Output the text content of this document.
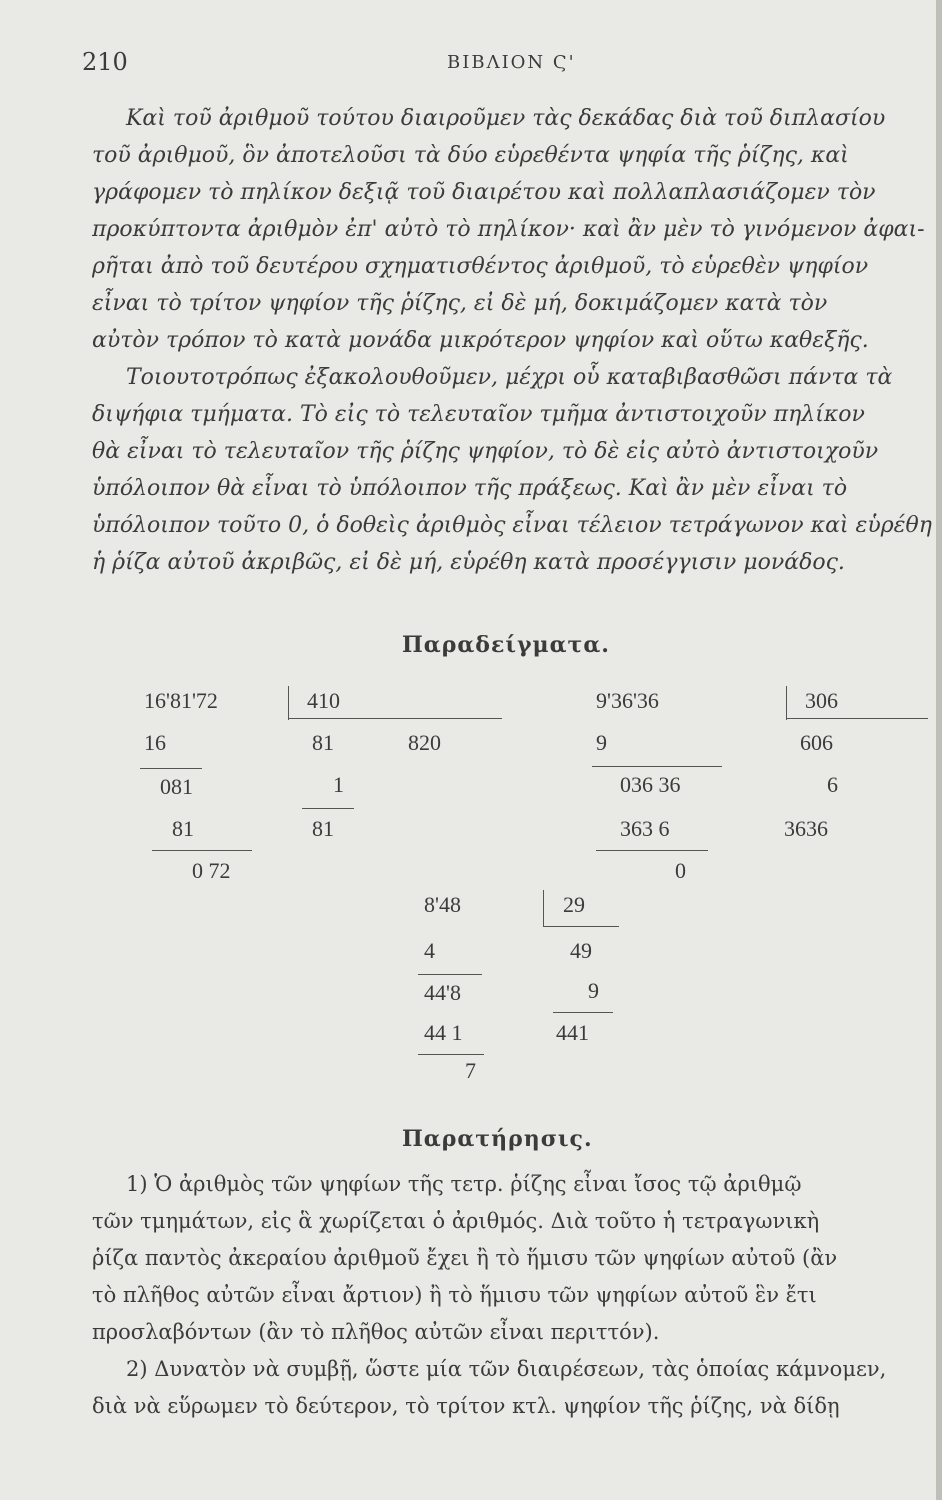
210	ΒΙΒΛΙΟΝ Ϛ'
Καὶ τοῦ ἀριθμοῦ τούτου διαιροῦμεν τὰς δεκάδας διὰ τοῦ διπλασίου
τοῦ ἀριθμοῦ, ὃν ἀποτελοῦσι τὰ δύο εὑρεθέντα ψηφία τῆς ῥίζης, καὶ
γράφομεν τὸ πηλίκον δεξιᾷ τοῦ διαιρέτου καὶ πολλαπλασιάζομεν τὸν
προκύπτοντα ἀριθμὸν ἐπ' αὐτὸ τὸ πηλίκον· καὶ ἂν μὲν τὸ γινόμενον ἀφαι-
ρῆται ἀπὸ τοῦ δευτέρου σχηματισθέντος ἀριθμοῦ, τὸ εὑρεθὲν ψηφίον
εἶναι τὸ τρίτον ψηφίον τῆς ῥίζης, εἰ δὲ μή, δοκιμάζομεν κατὰ τὸν
αὐτὸν τρόπον τὸ κατὰ μονάδα μικρότερον ψηφίον καὶ οὕτω καθεξῆς.
Τοιουτοτρόπως ἐξακολουθοῦμεν, μέχρι οὗ καταβιβασθῶσι πάντα τὰ
διψήφια τμήματα. Τὸ εἰς τὸ τελευταῖον τμῆμα ἀντιστοιχοῦν πηλίκον
θὰ εἶναι τὸ τελευταῖον τῆς ῥίζης ψηφίον, τὸ δὲ εἰς αὐτὸ ἀντιστοιχοῦν
ὑπόλοιπον θὰ εἶναι τὸ ὑπόλοιπον τῆς πράξεως. Καὶ ἂν μὲν εἶναι τὸ
ὑπόλοιπον τοῦτο 0, ὁ δοθεὶς ἀριθμὸς εἶναι τέλειον τετράγωνον καὶ εὑρέθη
ἡ ῥίζα αὐτοῦ ἀκριβῶς, εἰ δὲ μή, εὑρέθη κατὰ προσέγγισιν μονάδος.
Παραδείγματα.
16'81'72
16
081
81
0 72
410
81
1
81
820
9'36'36
9
036 36
363 6
0
306
606
6
3636
8'48
4
44'8
44 1
7
29
49
9
441
Παρατήρησις.
1) Ὁ ἀριθμὸς τῶν ψηφίων τῆς τετρ. ῥίζης εἶναι ἴσος τῷ ἀριθμῷ
τῶν τμημάτων, εἰς ἃ χωρίζεται ὁ ἀριθμός. Διὰ τοῦτο ἡ τετραγωνικὴ
ῥίζα παντὸς ἀκεραίου ἀριθμοῦ ἔχει ἢ τὸ ἥμισυ τῶν ψηφίων αὐτοῦ (ἂν
τὸ πλῆθος αὐτῶν εἶναι ἄρτιον) ἢ τὸ ἥμισυ τῶν ψηφίων αὐτοῦ ἓν ἔτι
προσλαβόντων (ἂν τὸ πλῆθος αὐτῶν εἶναι περιττόν).
2) Δυνατὸν νὰ συμβῇ, ὥστε μία τῶν διαιρέσεων, τὰς ὁποίας κάμνομεν,
διὰ νὰ εὕρωμεν τὸ δεύτερον, τὸ τρίτον κτλ. ψηφίον τῆς ῥίζης, νὰ δίδῃ
